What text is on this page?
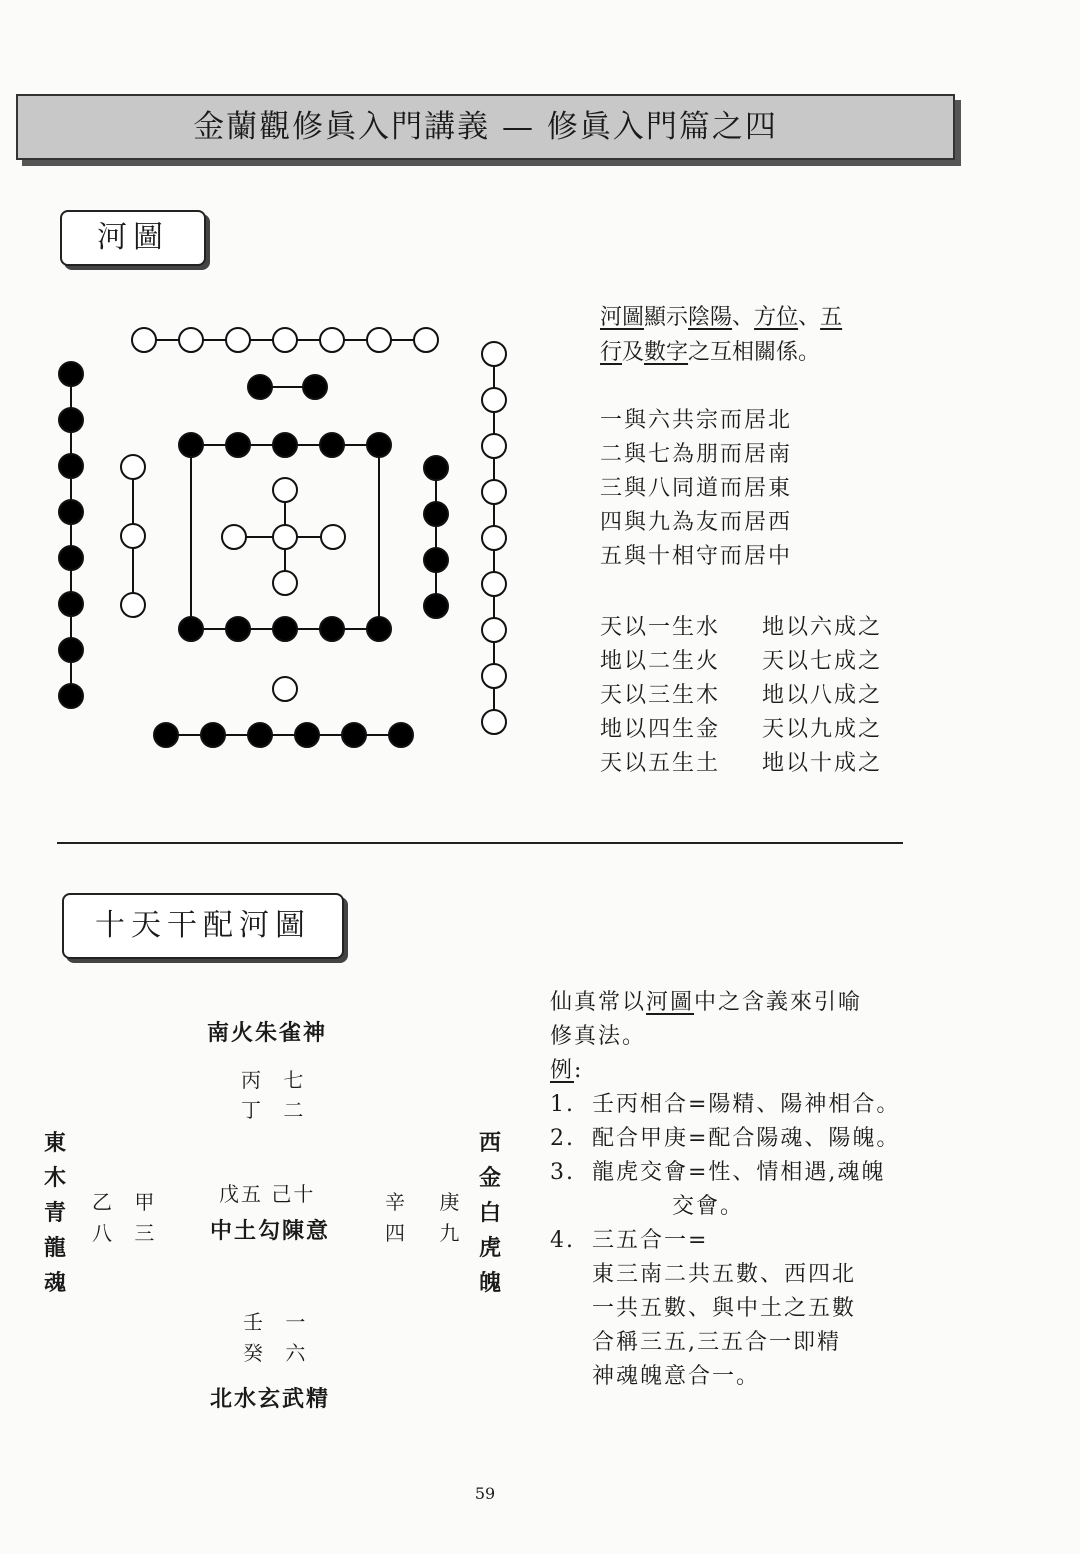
金蘭觀修眞入門講義 — 修眞入門篇之四
河圖
河圖顯示陰陽、方位、五
行及數字之互相關係。
一與六共宗而居北
二與七為朋而居南
三與八同道而居東
四與九為友而居西
五與十相守而居中
天以一生水
地以二生火
天以三生木
地以四生金
天以五生土
地以六成之
天以七成之
地以八成之
天以九成之
地以十成之
十天干配河圖
南火朱雀神
丙 七
丁 二
東木青龍魂
乙 甲
八 三
戊五 己十
中土勾陳意
辛 庚
四 九
西金白虎魄
壬 一
癸 六
北水玄武精
仙真常以河圖中之含義來引喻
修真法。
例:
1. 壬丙相合=陽精、陽神相合。
2. 配合甲庚=配合陽魂、陽魄。
3. 龍虎交會=性、情相遇,魂魄
交會。
4. 三五合一=
東三南二共五數、西四北
一共五數、與中土之五數
合稱三五,三五合一即精
神魂魄意合一。
59
